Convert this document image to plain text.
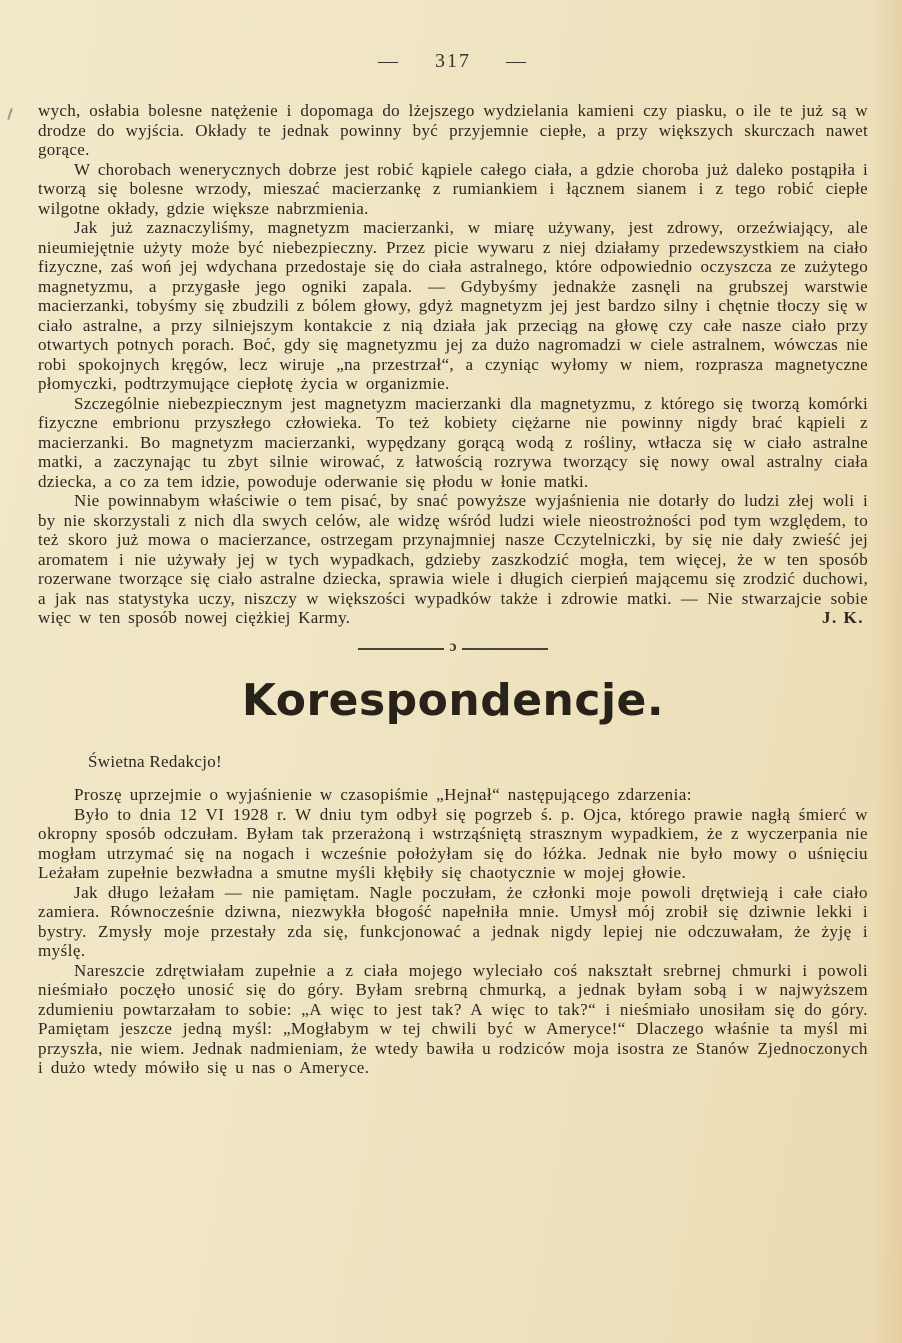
— 317 —

wych, osłabia bolesne natężenie i dopomaga do lżejszego wydzielania kamieni czy piasku, o ile te już są w drodze do wyjścia. Okłady te jednak powinny być przyjemnie ciepłe, a przy większych skurczach nawet gorące.

W chorobach wenerycznych dobrze jest robić kąpiele całego ciała, a gdzie choroba już daleko postąpiła i tworzą się bolesne wrzody, mieszać macierzankę z rumiankiem i łącznem sianem i z tego robić ciepłe wilgotne okłady, gdzie większe nabrzmienia.

Jak już zaznaczyliśmy, magnetyzm macierzanki, w miarę używany, jest zdrowy, orzeźwiający, ale nieumiejętnie użyty może być niebezpieczny. Przez picie wywaru z niej działamy przedewszystkiem na ciało fizyczne, zaś woń jej wdychana przedostaje się do ciała astralnego, które odpowiednio oczyszcza ze zużytego magnetyzmu, a przygasłe jego ogniki zapala. — Gdybyśmy jednakże zasnęli na grubszej warstwie macierzanki, tobyśmy się zbudzili z bólem głowy, gdyż magnetyzm jej jest bardzo silny i chętnie tłoczy się w ciało astralne, a przy silniejszym kontakcie z nią działa jak przeciąg na głowę czy całe nasze ciało przy otwartych potnych porach. Boć, gdy się magnetyzmu jej za dużo nagromadzi w ciele astralnem, wówczas nie robi spokojnych kręgów, lecz wiruje „na przestrzał“, a czyniąc wyłomy w niem, rozprasza magnetyczne płomyczki, podtrzymujące ciepłotę życia w organizmie.

Szczególnie niebezpiecznym jest magnetyzm macierzanki dla magnetyzmu, z którego się tworzą komórki fizyczne embrionu przyszłego człowieka. To też kobiety ciężarne nie powinny nigdy brać kąpieli z macierzanki. Bo magnetyzm macierzanki, wypędzany gorącą wodą z rośliny, wtłacza się w ciało astralne matki, a zaczynając tu zbyt silnie wirować, z łatwością rozrywa tworzący się nowy owal astralny ciała dziecka, a co za tem idzie, powoduje oderwanie się płodu w łonie matki.

Nie powinnabym właściwie o tem pisać, by snać powyższe wyjaśnienia nie dotarły do ludzi złej woli i by nie skorzystali z nich dla swych celów, ale widzę wśród ludzi wiele nieostrożności pod tym względem, to też skoro już mowa o macierzance, ostrzegam przynajmniej nasze Cczytelniczki, by się nie dały zwieść jej aromatem i nie używały jej w tych wypadkach, gdzieby zaszkodzić mogła, tem więcej, że w ten sposób rozerwane tworzące się ciało astralne dziecka, sprawia wiele i długich cierpień mającemu się zrodzić duchowi, a jak nas statystyka uczy, niszczy w większości wypadków także i zdrowie matki. — Nie stwarzajcie sobie więc w ten sposób nowej ciężkiej Karmy.	J. K.
ɔ
Korespondencje.

Świetna Redakcjo!

Proszę uprzejmie o wyjaśnienie w czasopiśmie „Hejnał“ następującego zdarzenia:

Było to dnia 12 VI 1928 r. W dniu tym odbył się pogrzeb ś. p. Ojca, którego prawie nagłą śmierć w okropny sposób odczułam. Byłam tak przerażoną i wstrząśniętą strasznym wypadkiem, że z wyczerpania nie mogłam utrzymać się na nogach i wcześnie położyłam się do łóżka. Jednak nie było mowy o uśnięciu Leżałam zupełnie bezwładna a smutne myśli kłębiły się chaotycznie w mojej głowie.

Jak długo leżałam — nie pamiętam. Nagle poczułam, że członki moje powoli drętwieją i całe ciało zamiera. Równocześnie dziwna, niezwykła błogość napełniła mnie. Umysł mój zrobił się dziwnie lekki i bystry. Zmysły moje przestały zda się, funkcjonować a jednak nigdy lepiej nie odczuwałam, że żyję i myślę.

Nareszcie zdrętwiałam zupełnie a z ciała mojego wyleciało coś nakształt srebrnej chmurki i powoli nieśmiało poczęło unosić się do góry. Byłam srebrną chmurką, a jednak byłam sobą i w najwyższem zdumieniu powtarzałam to sobie: „A więc to jest tak? A więc to tak?“ i nieśmiało unosiłam się do góry. Pamiętam jeszcze jedną myśl: „Mogłabym w tej chwili być w Ameryce!“ Dlaczego właśnie ta myśl mi przyszła, nie wiem. Jednak nadmieniam, że wtedy bawiła u rodziców moja isostra ze Stanów Zjednoczonych i dużo wtedy mówiło się u nas o Ameryce.
